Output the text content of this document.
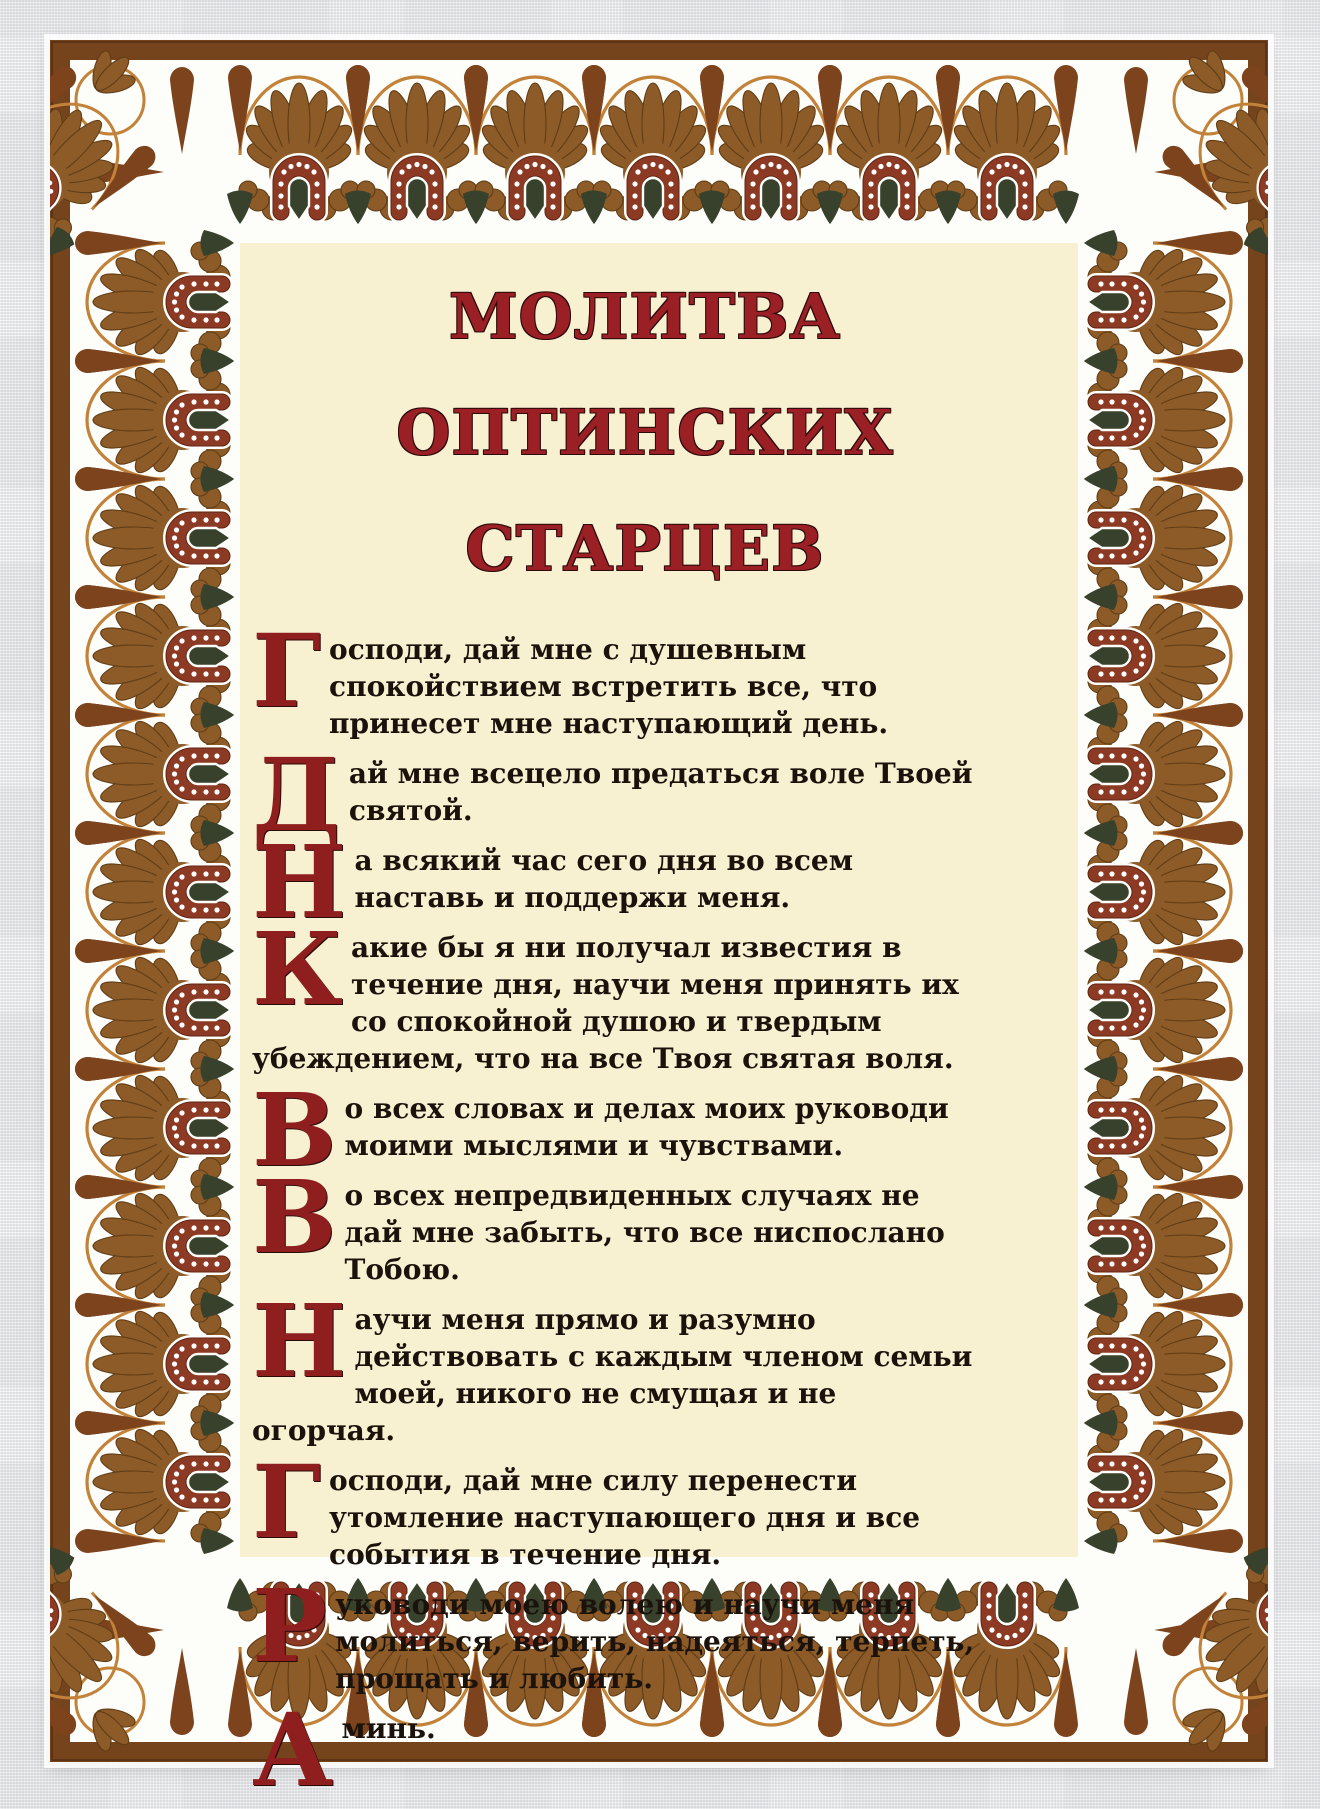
МОЛИТВА
ОПТИНСКИХ СТАРЦЕВ

Господи, дай мне с душевным спокойствием встретить все, что принесет мне наступающий день.

Дай мне всецело предаться воле Твоей святой.

На всякий час сего дня во всем наставь и поддержи меня.

Какие бы я ни получал известия в течение дня, научи меня принять их со спокойной душою и твердым убеждением, что на все Твоя святая воля.

Во всех словах и делах моих руководи моими мыслями и чувствами.

Во всех непредвиденных случаях не дай мне забыть, что все ниспослано Тобою.

Научи меня прямо и разумно действовать с каждым членом семьи моей, никого не смущая и не огорчая.

Господи, дай мне силу перенести утомление наступающего дня и все события в течение дня.

Руководи моею волею и научи меня молиться, верить, надеяться, терпеть, прощать и любить.

Аминь.
